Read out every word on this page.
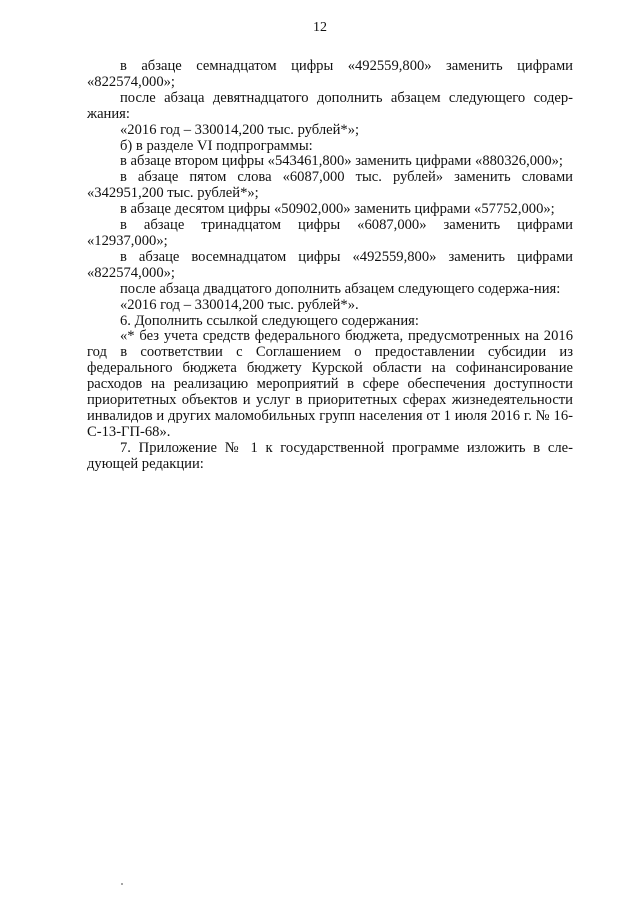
12

в абзаце семнадцатом цифры «492559,800» заменить цифрами «822574,000»;

после абзаца девятнадцатого дополнить абзацем следующего содер-жания:

«2016 год – 330014,200 тыс. рублей*»;

б) в разделе VI подпрограммы:

в абзаце втором цифры «543461,800» заменить цифрами «880326,000»;

в абзаце пятом слова «6087,000 тыс. рублей» заменить словами «342951,200 тыс. рублей*»;

в абзаце десятом цифры «50902,000» заменить цифрами «57752,000»;

в абзаце тринадцатом цифры «6087,000» заменить цифрами «12937,000»;

в абзаце восемнадцатом цифры «492559,800» заменить цифрами «822574,000»;

после абзаца двадцатого дополнить абзацем следующего содержа-ния:

«2016 год – 330014,200 тыс. рублей*».

6. Дополнить ссылкой следующего содержания:

«* без учета средств федерального бюджета, предусмотренных на 2016 год в соответствии с Соглашением о предоставлении субсидии из федерального бюджета бюджету Курской области на софинансирование расходов на реализацию мероприятий в сфере обеспечения доступности приоритетных объектов и услуг в приоритетных сферах жизнедеятельности инвалидов и других маломобильных групп населения от 1 июля 2016 г. № 16-С-13-ГП-68».

7. Приложение № 1 к государственной программе изложить в сле-дующей редакции:
